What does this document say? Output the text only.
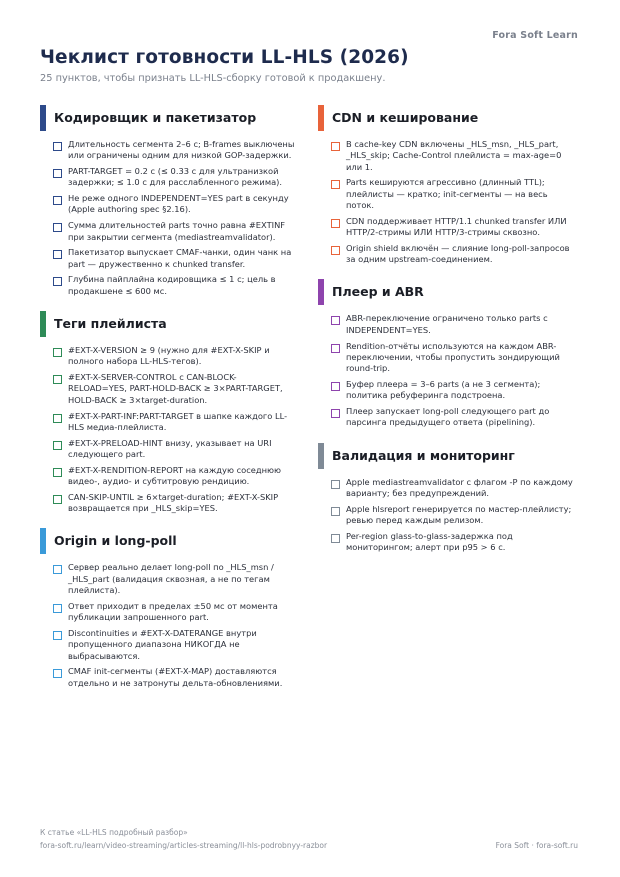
Fora Soft Learn
Чеклист готовности LL-HLS (2026)
25 пунктов, чтобы признать LL-HLS-сборку готовой к продакшену.
Кодировщик и пакетизатор
Длительность сегмента 2–6 с; B-frames выключены или ограничены одним для низкой GOP-задержки.
PART-TARGET = 0.2 с (≤ 0.33 с для ультранизкой задержки; ≤ 1.0 с для расслабленного режима).
Не реже одного INDEPENDENT=YES part в секунду (Apple authoring spec §2.16).
Сумма длительностей parts точно равна #EXTINF при закрытии сегмента (mediastreamvalidator).
Пакетизатор выпускает CMAF-чанки, один чанк на part — дружественно к chunked transfer.
Глубина пайплайна кодировщика ≤ 1 с; цель в продакшене ≤ 600 мс.
Теги плейлиста
#EXT-X-VERSION ≥ 9 (нужно для #EXT-X-SKIP и полного набора LL-HLS-тегов).
#EXT-X-SERVER-CONTROL с CAN-BLOCK-RELOAD=YES, PART-HOLD-BACK ≥ 3×PART-TARGET, HOLD-BACK ≥ 3×target-duration.
#EXT-X-PART-INF:PART-TARGET в шапке каждого LL-HLS медиа-плейлиста.
#EXT-X-PRELOAD-HINT внизу, указывает на URI следующего part.
#EXT-X-RENDITION-REPORT на каждую соседнюю видео-, аудио- и субтитровую рендицию.
CAN-SKIP-UNTIL ≥ 6×target-duration; #EXT-X-SKIP возвращается при _HLS_skip=YES.
Origin и long-poll
Сервер реально делает long-poll по _HLS_msn / _HLS_part (валидация сквозная, а не по тегам плейлиста).
Ответ приходит в пределах ±50 мс от момента публикации запрошенного part.
Discontinuities и #EXT-X-DATERANGE внутри пропущенного диапазона НИКОГДА не выбрасываются.
CMAF init-сегменты (#EXT-X-MAP) доставляются отдельно и не затронуты дельта-обновлениями.
CDN и кеширование
В cache-key CDN включены _HLS_msn, _HLS_part, _HLS_skip; Cache-Control плейлиста = max-age=0 или 1.
Parts кешируются агрессивно (длинный TTL); плейлисты — кратко; init-сегменты — на весь поток.
CDN поддерживает HTTP/1.1 chunked transfer ИЛИ HTTP/2-стримы ИЛИ HTTP/3-стримы сквозно.
Origin shield включён — слияние long-poll-запросов за одним upstream-соединением.
Плеер и ABR
ABR-переключение ограничено только parts с INDEPENDENT=YES.
Rendition-отчёты используются на каждом ABR-переключении, чтобы пропустить зондирующий round-trip.
Буфер плеера = 3–6 parts (а не 3 сегмента); политика ребуферинга подстроена.
Плеер запускает long-poll следующего part до парсинга предыдущего ответа (pipelining).
Валидация и мониторинг
Apple mediastreamvalidator с флагом -P по каждому варианту; без предупреждений.
Apple hlsreport генерируется по мастер-плейлисту; ревью перед каждым релизом.
Per-region glass-to-glass-задержка под мониторингом; алерт при p95 > 6 с.
К статье «LL-HLS подробный разбор»
fora-soft.ru/learn/video-streaming/articles-streaming/ll-hls-podrobnyy-razbor	Fora Soft · fora-soft.ru
